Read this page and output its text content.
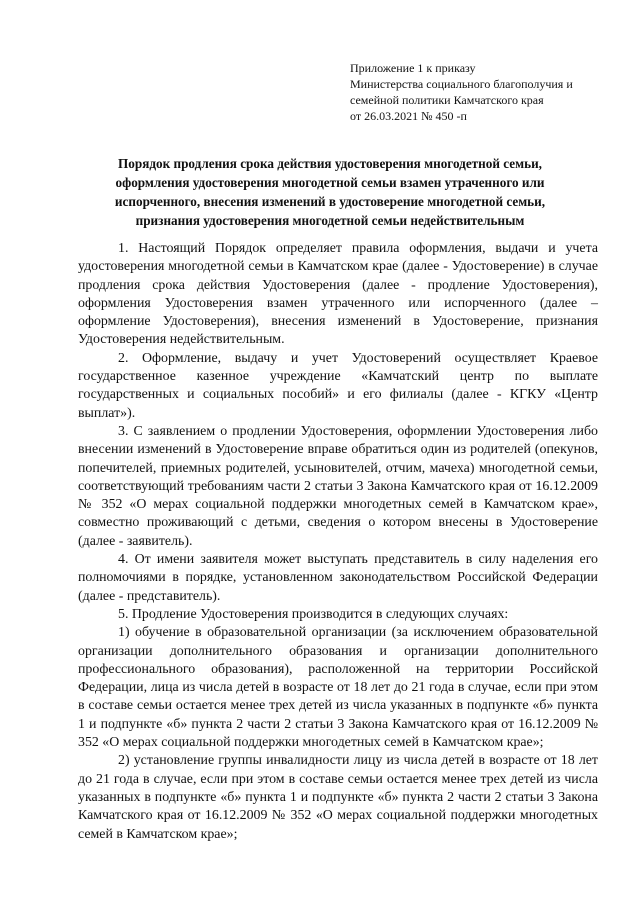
Приложение 1 к приказу
Министерства социального благополучия и
семейной политики Камчатского края
от 26.03.2021 № 450 -п
Порядок продления срока действия удостоверения многодетной семьи,
оформления удостоверения многодетной семьи взамен утраченного или
испорченного, внесения изменений в удостоверение многодетной семьи,
признания удостоверения многодетной семьи недействительным

1. Настоящий Порядок определяет правила оформления, выдачи и учета удостоверения многодетной семьи в Камчатском крае (далее - Удостоверение) в случае продления срока действия Удостоверения (далее - продление Удостоверения), оформления Удостоверения взамен утраченного или испорченного (далее – оформление Удостоверения), внесения изменений в Удостоверение, признания Удостоверения недействительным.

2. Оформление, выдачу и учет Удостоверений осуществляет Краевое государственное казенное учреждение «Камчатский центр по выплате государственных и социальных пособий» и его филиалы (далее - КГКУ «Центр выплат»).

3. С заявлением о продлении Удостоверения, оформлении Удостоверения либо внесении изменений в Удостоверение вправе обратиться один из родителей (опекунов, попечителей, приемных родителей, усыновителей, отчим, мачеха) многодетной семьи, соответствующий требованиям части 2 статьи 3 Закона Камчатского края от 16.12.2009 № 352 «О мерах социальной поддержки многодетных семей в Камчатском крае», совместно проживающий с детьми, сведения о котором внесены в Удостоверение (далее - заявитель).

4. От имени заявителя может выступать представитель в силу наделения его полномочиями в порядке, установленном законодательством Российской Федерации (далее - представитель).

5. Продление Удостоверения производится в следующих случаях:

1) обучение в образовательной организации (за исключением образовательной организации дополнительного образования и организации дополнительного профессионального образования), расположенной на территории Российской Федерации, лица из числа детей в возрасте от 18 лет до 21 года в случае, если при этом в составе семьи остается менее трех детей из числа указанных в подпункте «б» пункта 1 и подпункте «б» пункта 2 части 2 статьи 3 Закона Камчатского края от 16.12.2009 № 352 «О мерах социальной поддержки многодетных семей в Камчатском крае»;

2) установление группы инвалидности лицу из числа детей в возрасте от 18 лет до 21 года в случае, если при этом в составе семьи остается менее трех детей из числа указанных в подпункте «б» пункта 1 и подпункте «б» пункта 2 части 2 статьи 3 Закона Камчатского края от 16.12.2009 № 352 «О мерах социальной поддержки многодетных семей в Камчатском крае»;
